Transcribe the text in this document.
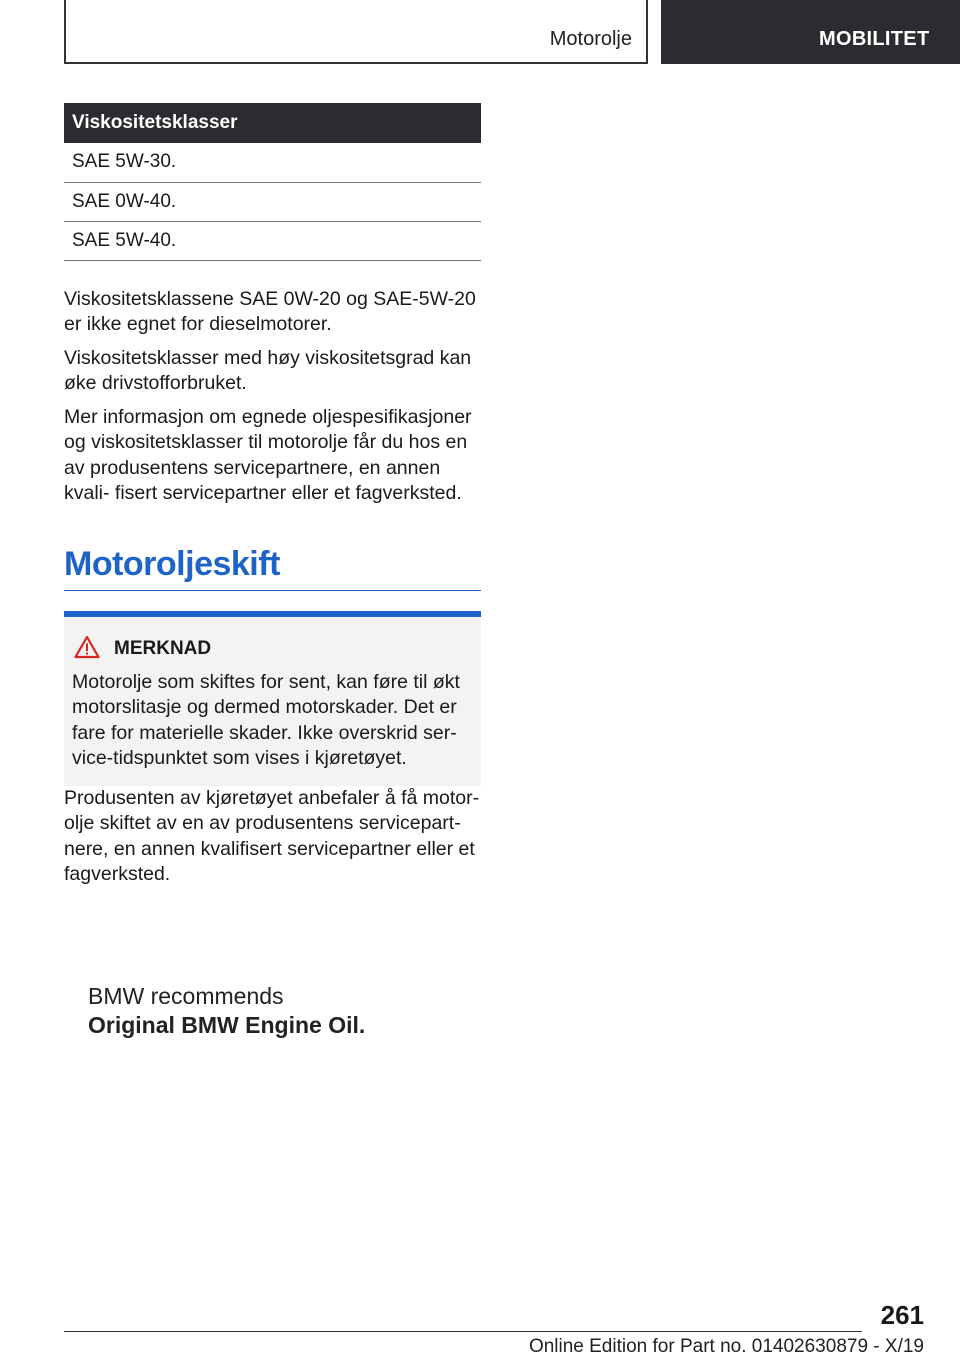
Motorolje	MOBILITET
Viskositetsklasser
SAE 5W-30.
SAE 0W-40.
SAE 5W-40.

Viskositetsklassene SAE 0W-20 og SAE-5W-20 er ikke egnet for dieselmotorer.

Viskositetsklasser med høy viskositetsgrad kan øke drivstofforbruket.

Mer informasjon om egnede oljespesifikasjoner og viskositetsklasser til motorolje får du hos en av produsentens servicepartnere, en annen kvali- fisert servicepartner eller et fagverksted.

Motoroljeskift
MERKNAD

Motorolje som skiftes for sent, kan føre til økt motorslitasje og dermed motorskader. Det er fare for materielle skader. Ikke overskrid ser- vice-tidspunktet som vises i kjøretøyet.

Produsenten av kjøretøyet anbefaler å få motor- olje skiftet av en av produsentens servicepart- nere, en annen kvalifisert servicepartner eller et fagverksted.

BMW recommends
Original BMW Engine Oil.
261
Online Edition for Part no. 01402630879 - X/19
